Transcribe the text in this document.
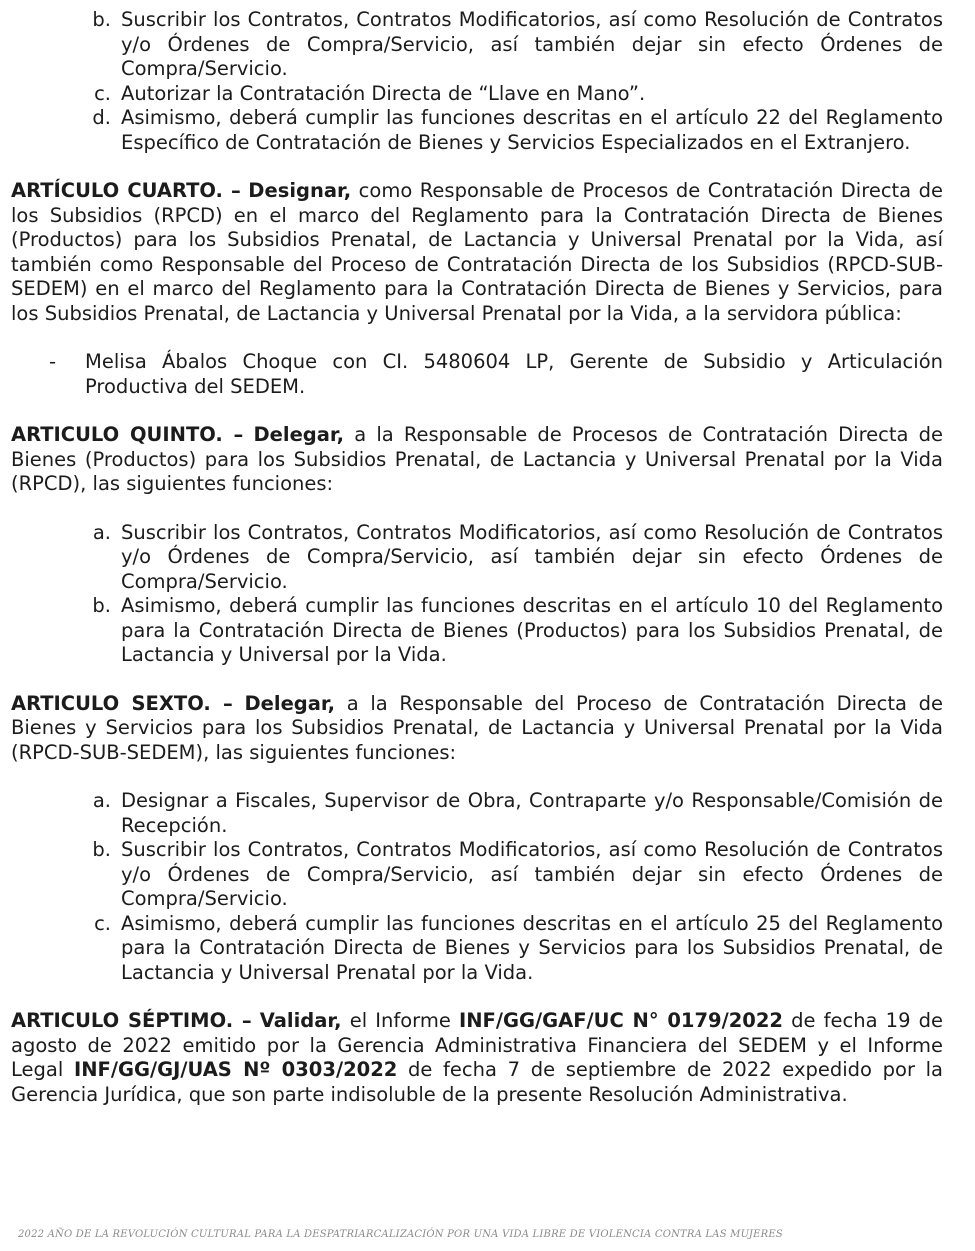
b. Suscribir los Contratos, Contratos Modificatorios, así como Resolución de Contratos y/o Órdenes de Compra/Servicio, así también dejar sin efecto Órdenes de Compra/Servicio.
c. Autorizar la Contratación Directa de “Llave en Mano”.
d. Asimismo, deberá cumplir las funciones descritas en el artículo 22 del Reglamento Específico de Contratación de Bienes y Servicios Especializados en el Extranjero.

ARTÍCULO CUARTO. – Designar, como Responsable de Procesos de Contratación Directa de los Subsidios (RPCD) en el marco del Reglamento para la Contratación Directa de Bienes (Productos) para los Subsidios Prenatal, de Lactancia y Universal Prenatal por la Vida, así también como Responsable del Proceso de Contratación Directa de los Subsidios (RPCD-SUB-SEDEM) en el marco del Reglamento para la Contratación Directa de Bienes y Servicios, para los Subsidios Prenatal, de Lactancia y Universal Prenatal por la Vida, a la servidora pública:

-	Melisa Ábalos Choque con CI. 5480604 LP, Gerente de Subsidio y Articulación Productiva del SEDEM.

ARTICULO QUINTO. – Delegar, a la Responsable de Procesos de Contratación Directa de Bienes (Productos) para los Subsidios Prenatal, de Lactancia y Universal Prenatal por la Vida (RPCD), las siguientes funciones:

a. Suscribir los Contratos, Contratos Modificatorios, así como Resolución de Contratos y/o Órdenes de Compra/Servicio, así también dejar sin efecto Órdenes de Compra/Servicio.
b. Asimismo, deberá cumplir las funciones descritas en el artículo 10 del Reglamento para la Contratación Directa de Bienes (Productos) para los Subsidios Prenatal, de Lactancia y Universal por la Vida.

ARTICULO SEXTO. – Delegar, a la Responsable del Proceso de Contratación Directa de Bienes y Servicios para los Subsidios Prenatal, de Lactancia y Universal Prenatal por la Vida (RPCD-SUB-SEDEM), las siguientes funciones:

a. Designar a Fiscales, Supervisor de Obra, Contraparte y/o Responsable/Comisión de Recepción.
b. Suscribir los Contratos, Contratos Modificatorios, así como Resolución de Contratos y/o Órdenes de Compra/Servicio, así también dejar sin efecto Órdenes de Compra/Servicio.
c. Asimismo, deberá cumplir las funciones descritas en el artículo 25 del Reglamento para la Contratación Directa de Bienes y Servicios para los Subsidios Prenatal, de Lactancia y Universal Prenatal por la Vida.

ARTICULO SÉPTIMO. – Validar, el Informe INF/GG/GAF/UC N° 0179/2022 de fecha 19 de agosto de 2022 emitido por la Gerencia Administrativa Financiera del SEDEM y el Informe Legal INF/GG/GJ/UAS Nº 0303/2022 de fecha 7 de septiembre de 2022 expedido por la Gerencia Jurídica, que son parte indisoluble de la presente Resolución Administrativa.

2022 AÑO DE LA REVOLUCIÓN CULTURAL PARA LA DESPATRIARCALIZACIÓN POR UNA VIDA LIBRE DE VIOLENCIA CONTRA LAS MUJERES
